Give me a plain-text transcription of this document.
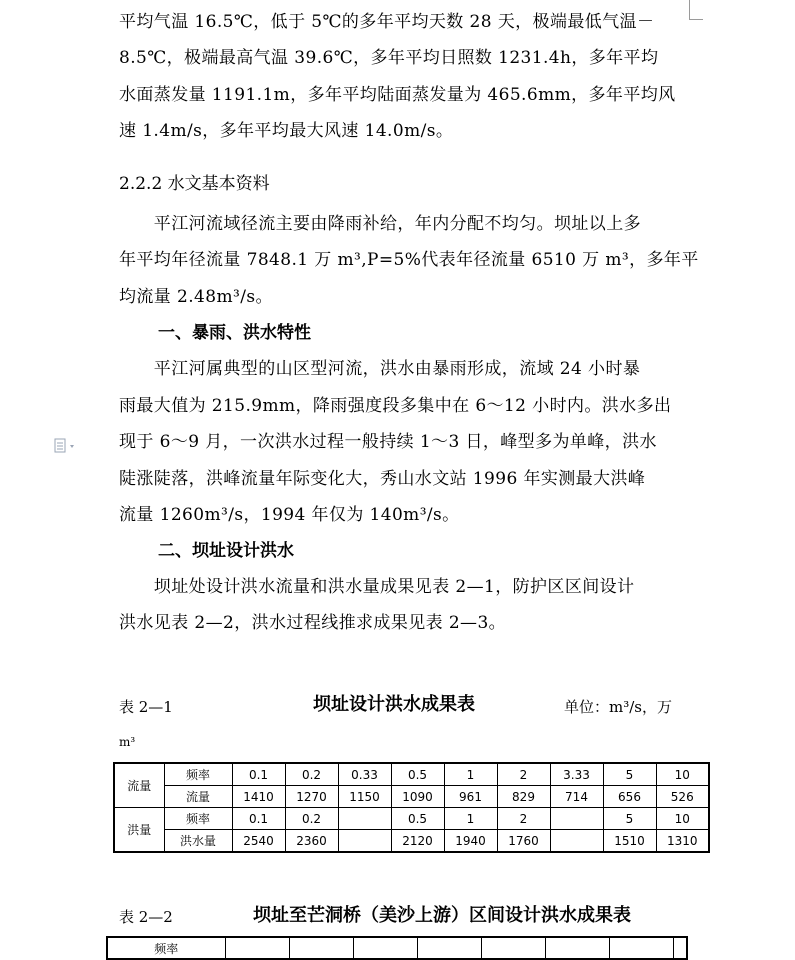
平均气温 16.5℃，低于 5℃的多年平均天数 28 天，极端最低气温－
8.5℃，极端最高气温 39.6℃，多年平均日照数 1231.4h，多年平均
水面蒸发量 1191.1m，多年平均陆面蒸发量为 465.6mm，多年平均风
速 1.4m/s，多年平均最大风速 14.0m/s。
2.2.2 水文基本资料
　　平江河流域径流主要由降雨补给，年内分配不均匀。坝址以上多
年平均年径流量 7848.1 万 m³,P=5%代表年径流量 6510 万 m³，多年平
均流量 2.48m³/s。
一、暴雨、洪水特性
　　平江河属典型的山区型河流，洪水由暴雨形成，流域 24 小时暴
雨最大值为 215.9mm，降雨强度段多集中在 6～12 小时内。洪水多出
现于 6～9 月，一次洪水过程一般持续 1～3 日，峰型多为单峰，洪水
陡涨陡落，洪峰流量年际变化大，秀山水文站 1996 年实测最大洪峰
流量 1260m³/s，1994 年仅为 140m³/s。
二、坝址设计洪水
　　坝址处设计洪水流量和洪水量成果见表 2—1，防护区区间设计
洪水见表 2—2，洪水过程线推求成果见表 2—3。
表 2—1	坝址设计洪水成果表	单位：m³/s，万
m³
流量	频率	0.1	0.2	0.33	0.5	1	2	3.33	5	10
	流量	1410	1270	1150	1090	961	829	714	656	526
洪量	频率	0.1	0.2		0.5	1	2		5	10
	洪水量	2540	2360		2120	1940	1760		1510	1310
表 2—2	坝址至芒洞桥（美沙上游）区间设计洪水成果表
频率								
